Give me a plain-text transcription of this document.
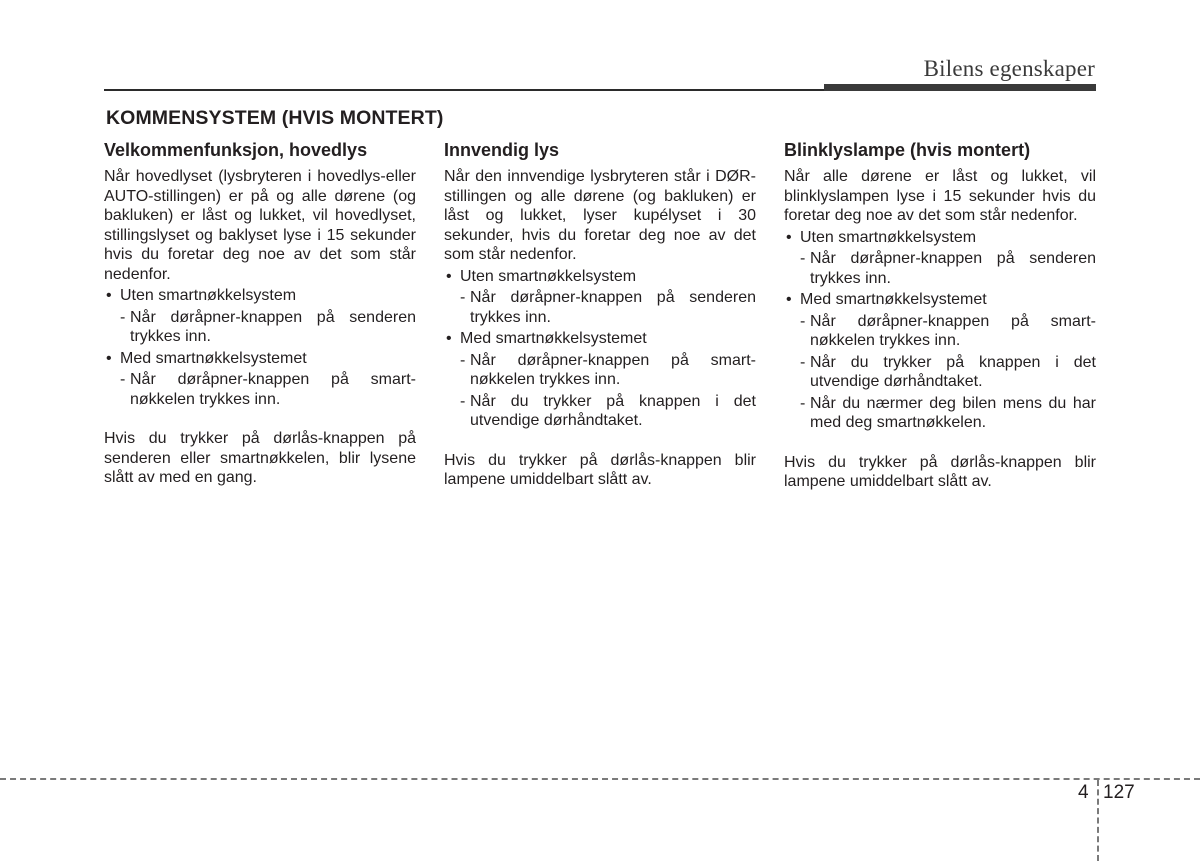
Bilens egenskaper
KOMMENSYSTEM (HVIS MONTERT)
Velkommenfunksjon, hovedlys

Når hovedlyset (lysbryteren i hovedlys-eller AUTO-stillingen) er på og alle dørene (og bakluken) er låst og lukket, vil hovedlyset, stillingslyset og baklyset lyse i 15 sekunder hvis du foretar deg noe av det som står nedenfor.

• Uten smartnøkkelsystem
- Når døråpner-knappen på senderen trykkes inn.
• Med smartnøkkelsystemet
- Når døråpner-knappen på smart-nøkkelen trykkes inn.

Hvis du trykker på dørlås-knappen på senderen eller smartnøkkelen, blir lysene slått av med en gang.

Innvendig lys

Når den innvendige lysbryteren står i DØR-stillingen og alle dørene (og bakluken) er låst og lukket, lyser kupélyset i 30 sekunder, hvis du foretar deg noe av det som står nedenfor.

• Uten smartnøkkelsystem
- Når døråpner-knappen på senderen trykkes inn.
• Med smartnøkkelsystemet
- Når døråpner-knappen på smart-nøkkelen trykkes inn.
- Når du trykker på knappen i det utvendige dørhåndtaket.

Hvis du trykker på dørlås-knappen blir lampene umiddelbart slått av.

Blinklyslampe (hvis montert)

Når alle dørene er låst og lukket, vil blinklyslampen lyse i 15 sekunder hvis du foretar deg noe av det som står nedenfor.

• Uten smartnøkkelsystem
- Når døråpner-knappen på senderen trykkes inn.
• Med smartnøkkelsystemet
- Når døråpner-knappen på smart-nøkkelen trykkes inn.
- Når du trykker på knappen i det utvendige dørhåndtaket.
- Når du nærmer deg bilen mens du har med deg smartnøkkelen.

Hvis du trykker på dørlås-knappen blir lampene umiddelbart slått av.

4 127
